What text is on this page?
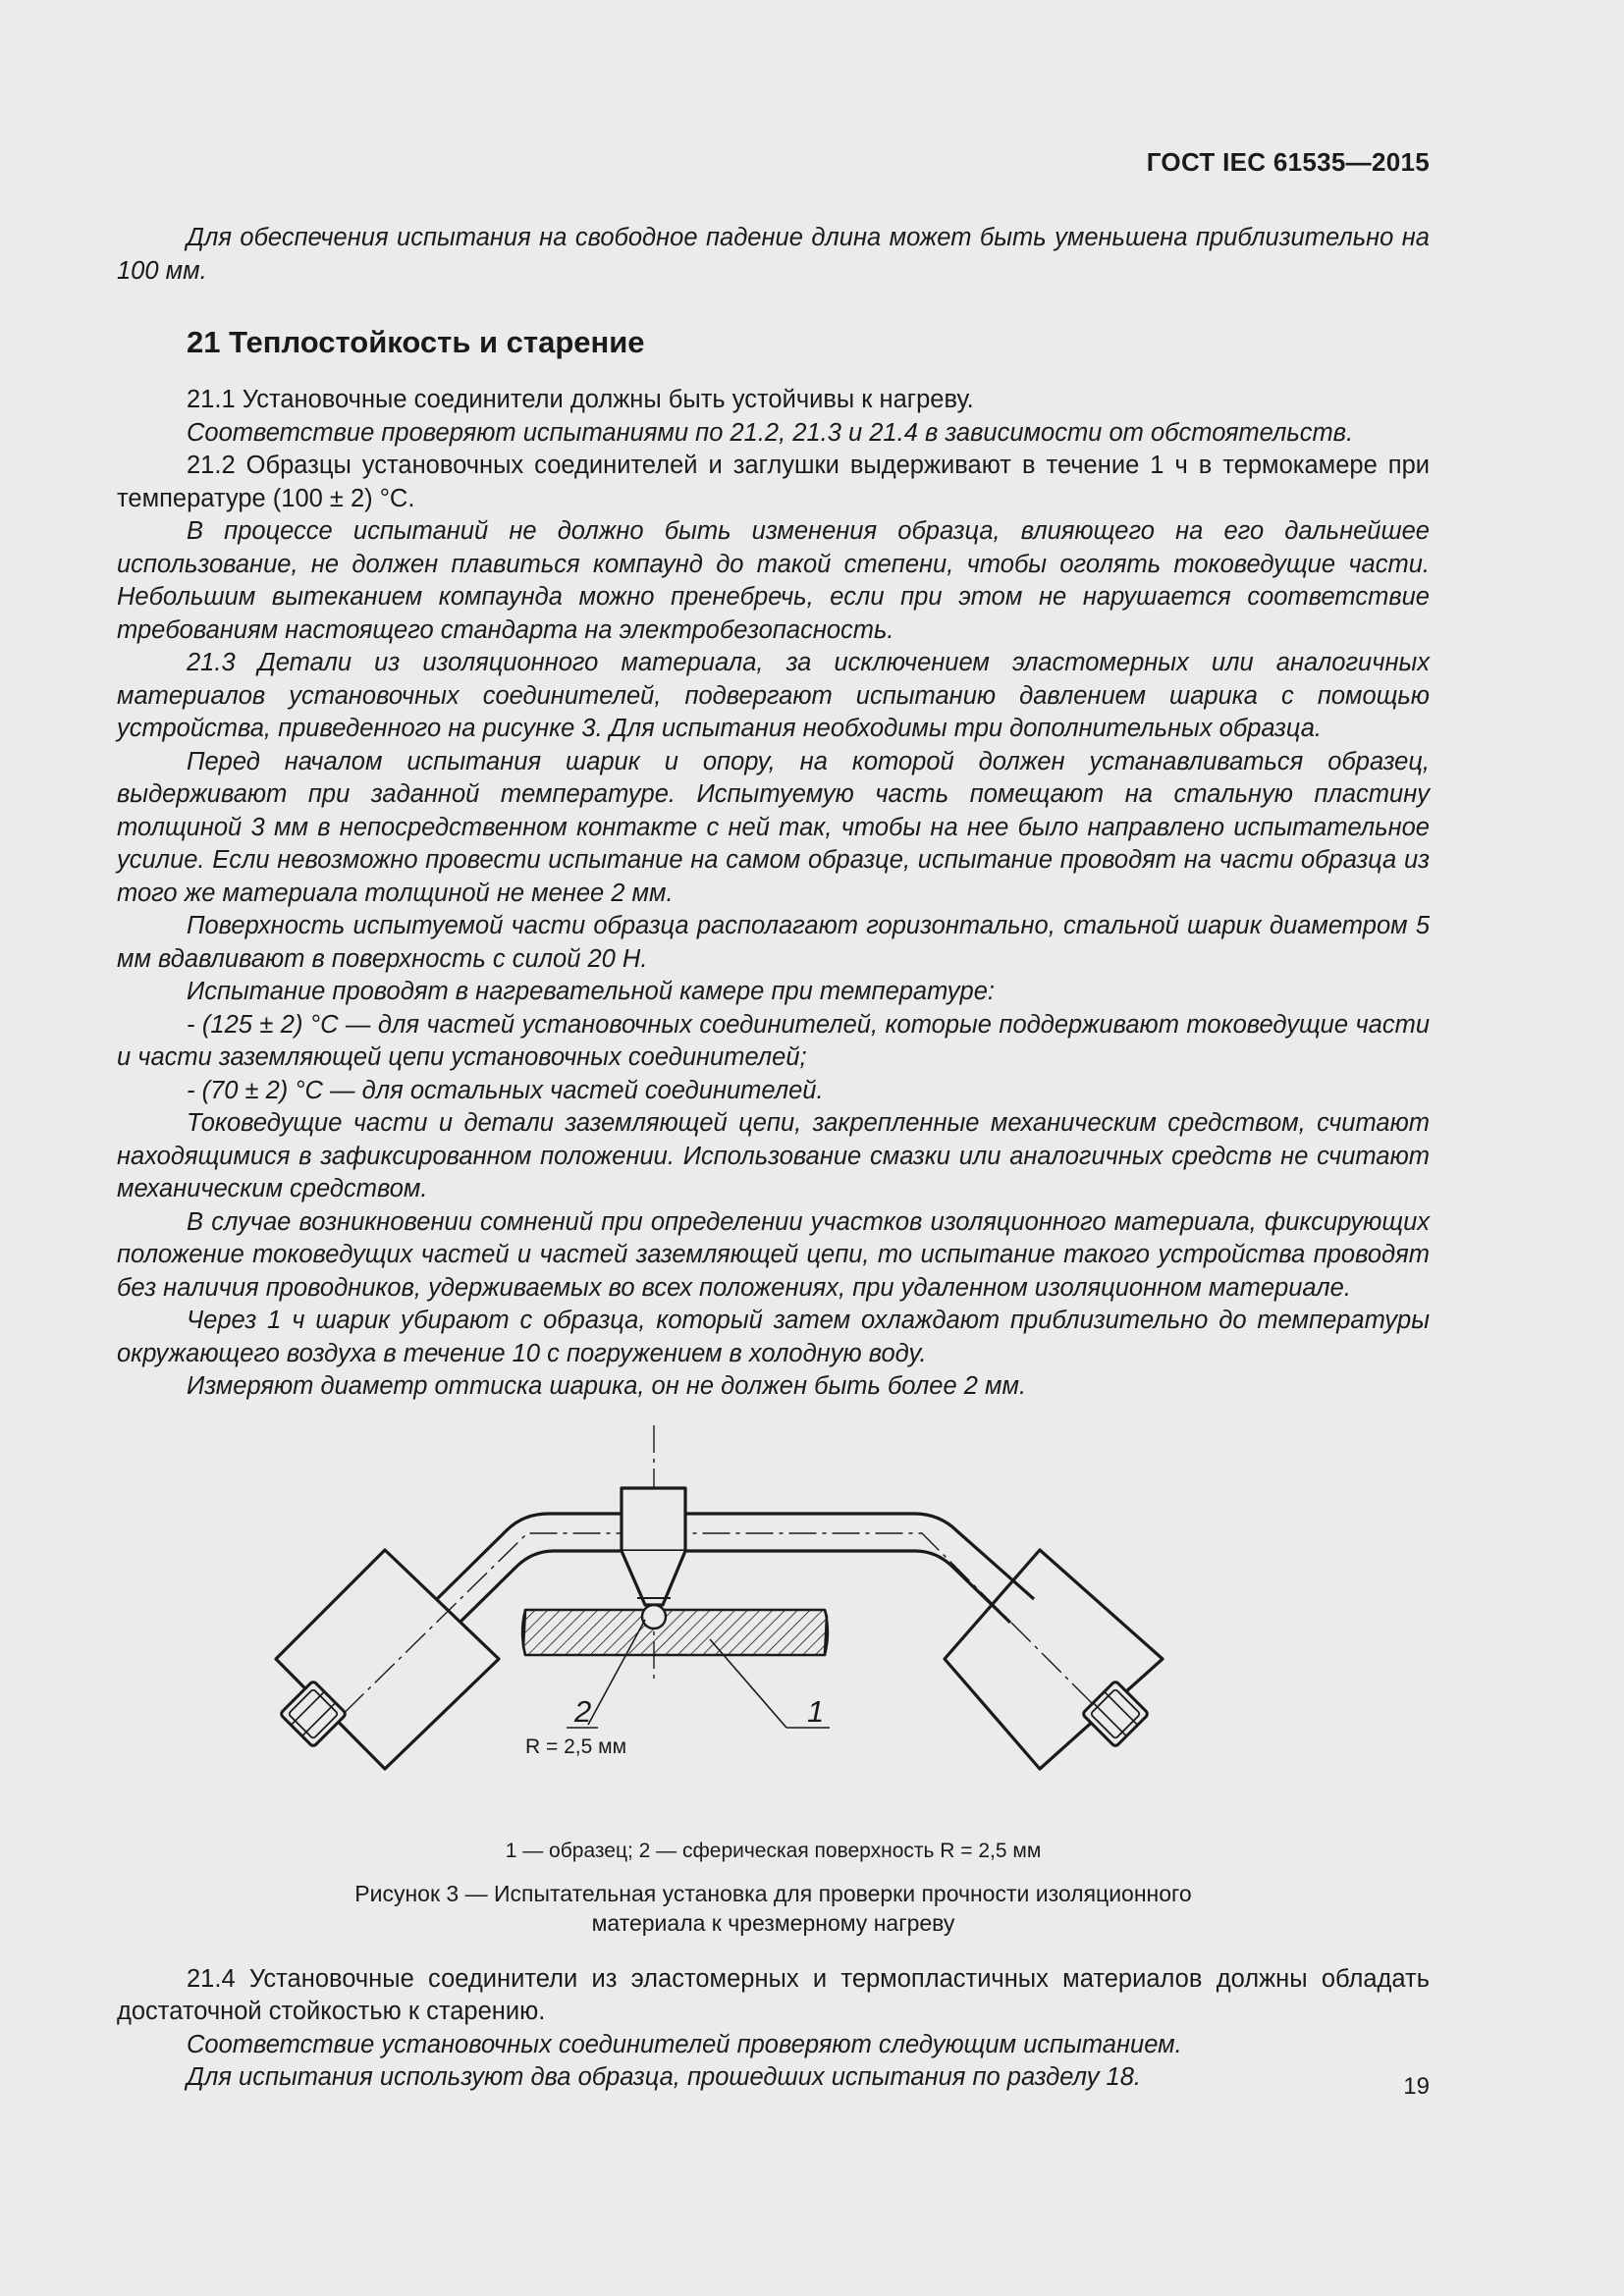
ГОСТ IEC 61535—2015

Для обеспечения испытания на свободное падение длина может быть уменьшена приблизительно на 100 мм.

21 Теплостойкость и старение

21.1 Установочные соединители должны быть устойчивы к нагреву.

Соответствие проверяют испытаниями по 21.2, 21.3 и 21.4 в зависимости от обстоятельств.

21.2 Образцы установочных соединителей и заглушки выдерживают в течение 1 ч в термокамере при температуре (100 ± 2) °С.

В процессе испытаний не должно быть изменения образца, влияющего на его дальнейшее использование, не должен плавиться компаунд до такой степени, чтобы оголять токоведущие части. Небольшим вытеканием компаунда можно пренебречь, если при этом не нарушается соответствие требованиям настоящего стандарта на электробезопасность.

21.3 Детали из изоляционного материала, за исключением эластомерных или аналогичных материалов установочных соединителей, подвергают испытанию давлением шарика с помощью устройства, приведенного на рисунке 3. Для испытания необходимы три дополнительных образца.

Перед началом испытания шарик и опору, на которой должен устанавливаться образец, выдерживают при заданной температуре. Испытуемую часть помещают на стальную пластину толщиной 3 мм в непосредственном контакте с ней так, чтобы на нее было направлено испытательное усилие. Если невозможно провести испытание на самом образце, испытание проводят на части образца из того же материала толщиной не менее 2 мм.

Поверхность испытуемой части образца располагают горизонтально, стальной шарик диаметром 5 мм вдавливают в поверхность с силой 20 Н.

Испытание проводят в нагревательной камере при температуре:

- (125 ± 2) °С — для частей установочных соединителей, которые поддерживают токоведущие части и части заземляющей цепи установочных соединителей;

- (70 ± 2) °С — для остальных частей соединителей.

Токоведущие части и детали заземляющей цепи, закрепленные механическим средством, считают находящимися в зафиксированном положении. Использование смазки или аналогичных средств не считают механическим средством.

В случае возникновении сомнений при определении участков изоляционного материала, фиксирующих положение токоведущих частей и частей заземляющей цепи, то испытание такого устройства проводят без наличия проводников, удерживаемых во всех положениях, при удаленном изоляционном материале.

Через 1 ч шарик убирают с образца, который затем охлаждают приблизительно до температуры окружающего воздуха в течение 10 с погружением в холодную воду.

Измеряют диаметр оттиска шарика, он не должен быть более 2 мм.

2	1
R = 2,5 мм
1 — образец; 2 — сферическая поверхность R = 2,5 мм
Рисунок 3 — Испытательная установка для проверки прочности изоляционного
материала к чрезмерному нагреву

21.4 Установочные соединители из эластомерных и термопластичных материалов должны обладать достаточной стойкостью к старению.

Соответствие установочных соединителей проверяют следующим испытанием.

Для испытания используют два образца, прошедших испытания по разделу 18.	19
